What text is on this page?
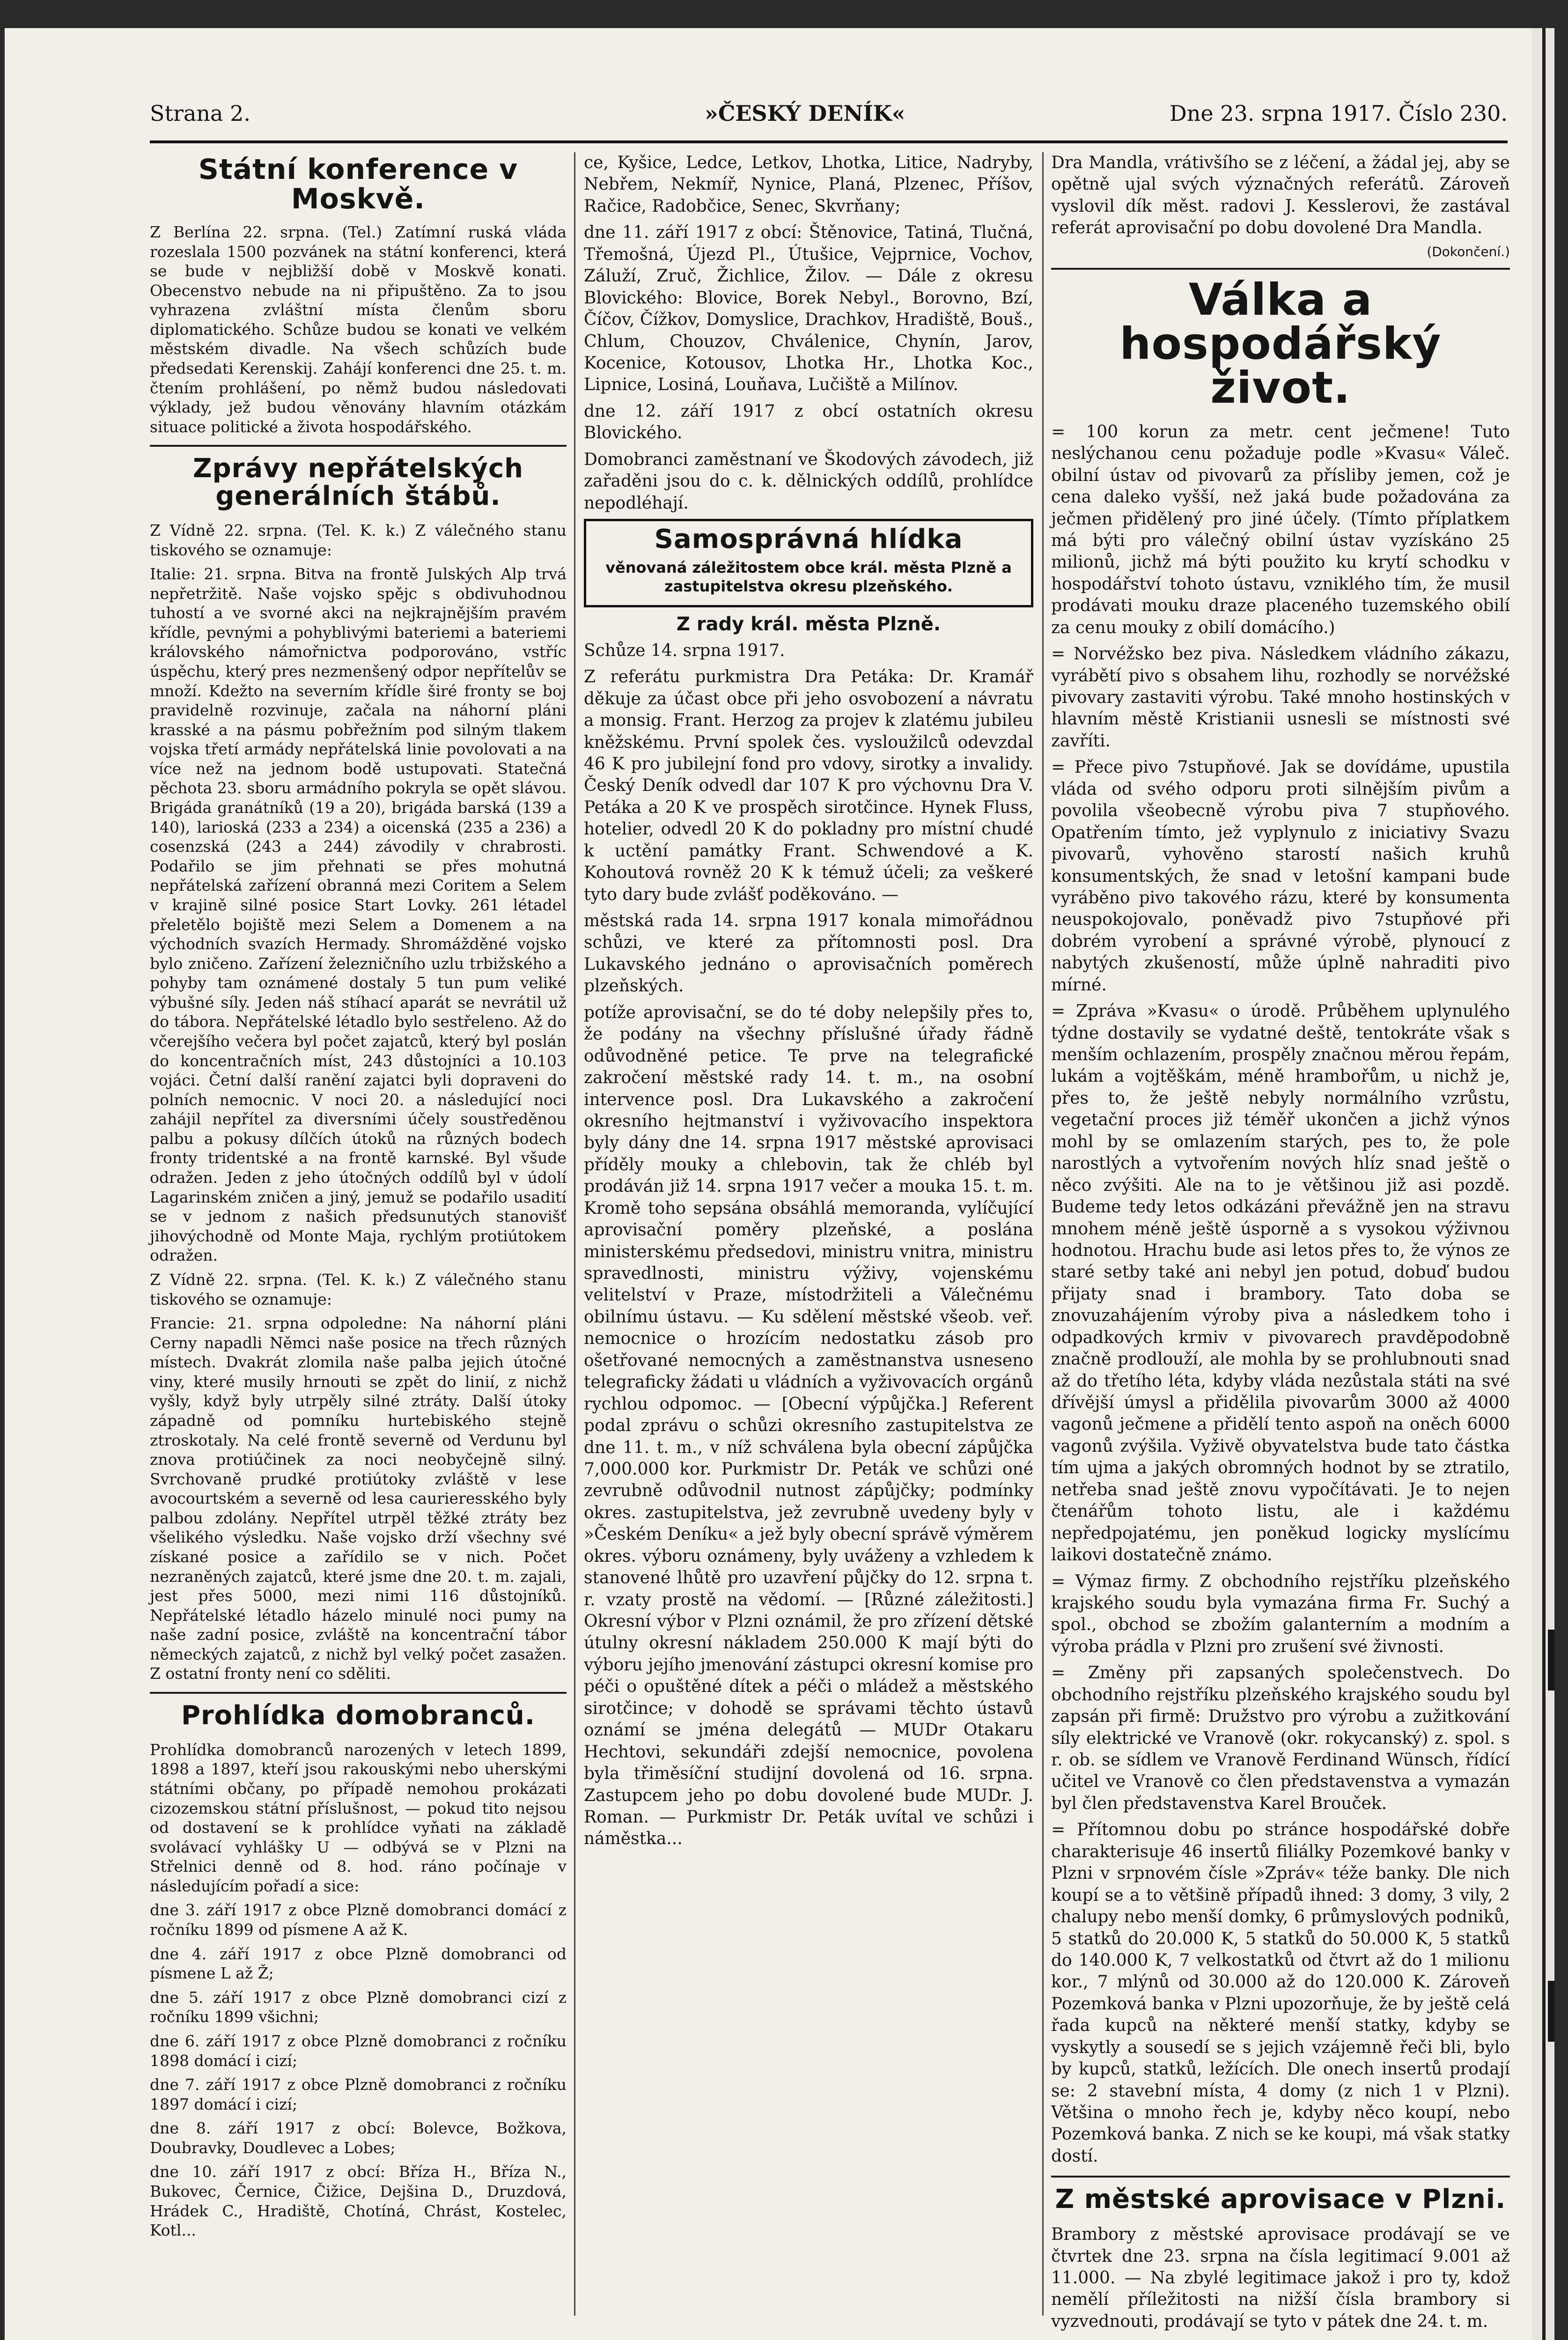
Strana 2.	»ČESKÝ DENÍK«	Dne 23. srpna 1917. Číslo 230.
Státní konference v Moskvě.

Z Berlína 22. srpna. (Tel.) Zatímní ruská vláda rozeslala 1500 pozvánek na státní konferenci, která se bude v nejbližší době v Moskvě konati. Obecenstvo nebude na ni připuštěno. Za to jsou vyhrazena zvláštní místa členům sboru diplomatického. Schůze budou se konati ve velkém městském divadle. Na všech schůzích bude předsedati Kerenskij. Zahájí konferenci dne 25. t. m. čtením prohlášení, po němž budou následovati výklady, jež budou věnovány hlavním otázkám situace politické a života hospodářského.

Zprávy nepřátelských generálních štábů.

Z Vídně 22. srpna. (Tel. K. k.) Z válečného stanu tiskového se oznamuje:

Italie: 21. srpna. Bitva na frontě Julských Alp trvá nepřetržitě. Naše vojsko spějc s obdivuhodnou tuhostí a ve svorné akci na nejkrajnějším pravém křídle, pevnými a pohyblivými bateriemi a bateriemi královského námořnictva podporováno, vstříc úspěchu, který pres nezmenšený odpor nepřítelův se množí. Kdežto na severním křídle širé fronty se boj pravidelně rozvinuje, začala na náhorní pláni krasské a na pásmu pobřežním pod silným tlakem vojska třetí armády nepřátelská linie povolovati a na více než na jednom bodě ustupovati. Statečná pěchota 23. sboru armádního pokryla se opět slávou. Brigáda granátníků (19 a 20), brigáda barská (139 a 140), larioská (233 a 234) a oicenská (235 a 236) a cosenzská (243 a 244) závodily v chrabrosti. Podařilo se jim přehnati se přes mohutná nepřátelská zařízení obranná mezi Coritem a Selem v krajině silné posice Start Lovky. 261 létadel přeletělo bojiště mezi Selem a Domenem a na východních svazích Hermady. Shromážděné vojsko bylo zničeno. Zařízení železničního uzlu trbižského a pohyby tam oznámené dostaly 5 tun pum veliké výbušné síly. Jeden náš stíhací aparát se nevrátil už do tábora. Nepřátelské létadlo bylo sestřeleno. Až do včerejšího večera byl počet zajatců, který byl poslán do koncentračních míst, 243 důstojníci a 10.103 vojáci. Četní další ranění zajatci byli dopraveni do polních nemocnic. V noci 20. a následující noci zahájil nepřítel za diversními účely soustředěnou palbu a pokusy dílčích útoků na různých bodech fronty tridentské a na frontě karnské. Byl všude odražen. Jeden z jeho útočných oddílů byl v údolí Lagarinském zničen a jiný, jemuž se podařilo usadití se v jednom z našich předsunutých stanovišť jihovýchodně od Monte Maja, rychlým protiútokem odražen.

Z Vídně 22. srpna. (Tel. K. k.) Z válečného stanu tiskového se oznamuje:

Francie: 21. srpna odpoledne: Na náhorní pláni Cerny napadli Němci naše posice na třech různých místech. Dvakrát zlomila naše palba jejich útočné viny, které musily hrnouti se zpět do linií, z nichž vyšly, když byly utrpěly silné ztráty. Další útoky západně od pomníku hurtebiského stejně ztroskotaly. Na celé frontě severně od Verdunu byl znova protiúčinek za noci neobyčejně silný. Svrchovaně prudké protiútoky zvláště v lese avocourtském a severně od lesa caurieresského byly palbou zdolány. Nepřítel utrpěl těžké ztráty bez všelikého výsledku. Naše vojsko drží všechny své získané posice a zařídilo se v nich. Počet nezraněných zajatců, které jsme dne 20. t. m. zajali, jest přes 5000, mezi nimi 116 důstojníků. Nepřátelské létadlo házelo minulé noci pumy na naše zadní posice, zvláště na koncentrační tábor německých zajatců, z nichž byl velký počet zasažen. Z ostatní fronty není co sděliti.

Prohlídka domobranců.

Prohlídka domobranců narozených v letech 1899, 1898 a 1897, kteří jsou rakouskými nebo uherskými státními občany, po případě nemohou prokázati cizozemskou státní příslušnost, — pokud tito nejsou od dostavení se k prohlídce vyňati na základě svolávací vyhlášky U — odbývá se v Plzni na Střelnici denně od 8. hod. ráno počínaje v následujícím pořadí a sice:

dne 3. září 1917 z obce Plzně domobranci domácí z ročníku 1899 od písmene A až K.

dne 4. září 1917 z obce Plzně domobranci od písmene L až Ž;

dne 5. září 1917 z obce Plzně domobranci cizí z ročníku 1899 všichni;

dne 6. září 1917 z obce Plzně domobranci z ročníku 1898 domácí i cizí;

dne 7. září 1917 z obce Plzně domobranci z ročníku 1897 domácí i cizí;

dne 8. září 1917 z obcí: Bolevce, Božkova, Doubravky, Doudlevec a Lobes;

dne 10. září 1917 z obcí: Bříza H., Bříza N., Bukovec, Černice, Čižice, Dejšina D., Druzdová, Hrádek C., Hradiště, Chotíná, Chrást, Kostelec, Kotl...

ce, Kyšice, Ledce, Letkov, Lhotka, Litice, Nadryby, Nebřem, Nekmíř, Nynice, Planá, Plzenec, Příšov, Račice, Radobčice, Senec, Skvrňany;

dne 11. září 1917 z obcí: Štěnovice, Tatiná, Tlučná, Třemošná, Újezd Pl., Útušice, Vejprnice, Vochov, Záluží, Zruč, Žichlice, Žilov. — Dále z okresu Blovického: Blovice, Borek Nebyl., Borovno, Bzí, Číčov, Čížkov, Domyslice, Drachkov, Hradiště, Bouš., Chlum, Chouzov, Chválenice, Chynín, Jarov, Kocenice, Kotousov, Lhotka Hr., Lhotka Koc., Lipnice, Losiná, Louňava, Lučiště a Milínov.

dne 12. září 1917 z obcí ostatních okresu Blovického.

Domobranci zaměstnaní ve Škodových závodech, již zařaděni jsou do c. k. dělnických oddílů, prohlídce nepodléhají.

Samosprávná hlídka
věnovaná záležitostem obce král. města Plzně a zastupitelstva okresu plzeňského.
Z rady král. města Plzně.

Schůze 14. srpna 1917.

Z referátu purkmistra Dra Petáka: Dr. Kramář děkuje za účast obce při jeho osvobození a návratu a monsig. Frant. Herzog za projev k zlatému jubileu kněžskému. První spolek čes. vysloužilců odevzdal 46 K pro jubilejní fond pro vdovy, sirotky a invalidy. Český Deník odvedl dar 107 K pro výchovnu Dra V. Petáka a 20 K ve prospěch sirotčince. Hynek Fluss, hotelier, odvedl 20 K do pokladny pro místní chudé k uctění památky Frant. Schwendové a K. Kohoutová rovněž 20 K k témuž účeli; za veškeré tyto dary bude zvlášť poděkováno. —

městská rada 14. srpna 1917 konala mimořádnou schůzi, ve které za přítomnosti posl. Dra Lukavského jednáno o aprovisačních poměrech plzeňských.

potíže aprovisační, se do té doby nelepšily přes to, že podány na všechny příslušné úřady řádně odůvodněné petice. Te prve na telegrafické zakročení městské rady 14. t. m., na osobní intervence posl. Dra Lukavského a zakročení okresního hejtmanství i vyživovacího inspektora byly dány dne 14. srpna 1917 městské aprovisaci příděly mouky a chlebovin, tak že chléb byl prodáván již 14. srpna 1917 večer a mouka 15. t. m. Kromě toho sepsána obsáhlá memoranda, vylíčující aprovisační poměry plzeňské, a poslána ministerskému předsedovi, ministru vnitra, ministru spravedlnosti, ministru výživy, vojenskému velitelství v Praze, místodržiteli a Válečnému obilnímu ústavu. — Ku sdělení městské všeob. veř. nemocnice o hrozícím nedostatku zásob pro ošetřované nemocných a zaměstnanstva usneseno telegraficky žádati u vládních a vyživovacích orgánů rychlou odpomoc. — [Obecní výpůjčka.] Referent podal zprávu o schůzi okresního zastupitelstva ze dne 11. t. m., v níž schválena byla obecní zápůjčka 7,000.000 kor. Purkmistr Dr. Peták ve schůzi oné zevrubně odůvodnil nutnost zápůjčky; podmínky okres. zastupitelstva, jež zevrubně uvedeny byly v »Českém Deníku« a jež byly obecní správě výměrem okres. výboru oznámeny, byly uváženy a vzhledem k stanovené lhůtě pro uzavření půjčky do 12. srpna t. r. vzaty prostě na vědomí. — [Různé záležitosti.] Okresní výbor v Plzni oznámil, že pro zřízení dětské útulny okresní nákladem 250.000 K mají býti do výboru jejího jmenování zástupci okresní komise pro péči o opuštěné dítek a péči o mládež a městského sirotčince; v dohodě se správami těchto ústavů oznámí se jména delegátů — MUDr Otakaru Hechtovi, sekundáři zdejší nemocnice, povolena byla třiměsíční studijní dovolená od 16. srpna. Zastupcem jeho po dobu dovolené bude MUDr. J. Roman. — Purkmistr Dr. Peták uvítal ve schůzi i náměstka...

Dra Mandla, vrátivšího se z léčení, a žádal jej, aby se opětně ujal svých význačných referátů. Zároveň vyslovil dík měst. radovi J. Kesslerovi, že zastával referát aprovisační po dobu dovolené Dra Mandla.

(Dokončení.)
Válka a hospodářský život.

= 100 korun za metr. cent ječmene! Tuto neslýchanou cenu požaduje podle »Kvasu« Váleč. obilní ústav od pivovarů za přísliby jemen, což je cena daleko vyšší, než jaká bude požadována za ječmen přidělený pro jiné účely. (Tímto příplatkem má býti pro válečný obilní ústav vyzískáno 25 milionů, jichž má býti použito ku krytí schodku v hospodářství tohoto ústavu, vzniklého tím, že musil prodávati mouku draze placeného tuzemského obilí za cenu mouky z obilí domácího.)

= Norvéžsko bez piva. Následkem vládního zákazu, vyrábětí pivo s obsahem lihu, rozhodly se norvéžské pivovary zastaviti výrobu. Také mnoho hostinských v hlavním městě Kristianii usnesli se místnosti své zavříti.

= Přece pivo 7stupňové. Jak se dovídáme, upustila vláda od svého odporu proti silnějším pivům a povolila všeobecně výrobu piva 7 stupňového. Opatřením tímto, jež vyplynulo z iniciativy Svazu pivovarů, vyhověno starostí našich kruhů konsumentských, že snad v letošní kampani bude vyráběno pivo takového rázu, které by konsumenta neuspokojovalo, poněvadž pivo 7stupňové při dobrém vyrobení a správné výrobě, plynoucí z nabytých zkušeností, může úplně nahraditi pivo mírné.

= Zpráva »Kvasu« o úrodě. Průběhem uplynulého týdne dostavily se vydatné deště, tentokráte však s menším ochlazením, prospěly značnou měrou řepám, lukám a vojtěškám, méně hrambořům, u nichž je, přes to, že ještě nebyly normálního vzrůstu, vegetační proces již téměř ukončen a jichž výnos mohl by se omlazením starých, pes to, že pole narostlých a vytvořením nových hlíz snad ještě o něco zvýšiti. Ale na to je většinou již asi pozdě. Budeme tedy letos odkázáni převážně jen na stravu mnohem méně ještě úsporně a s vysokou výživnou hodnotou. Hrachu bude asi letos přes to, že výnos ze staré setby také ani nebyl jen potud, dobuď budou přijaty snad i brambory. Tato doba se znovuzahájením výroby piva a následkem toho i odpadkových krmiv v pivovarech pravděpodobně značně prodlouží, ale mohla by se prohlubnouti snad až do třetího léta, kdyby vláda nezůstala státi na své dřívější úmysl a přidělila pivovarům 3000 až 4000 vagonů ječmene a přidělí tento aspoň na oněch 6000 vagonů zvýšila. Vyživě obyvatelstva bude tato částka tím ujma a jakých obromných hodnot by se ztratilo, netřeba snad ještě znovu vypočítávati. Je to nejen čtenářům tohoto listu, ale i každému nepředpojatému, jen poněkud logicky myslícímu laikovi dostatečně známo.

= Výmaz firmy. Z obchodního rejstříku plzeňského krajského soudu byla vymazána firma Fr. Suchý a spol., obchod se zbožím galanterním a modním a výroba prádla v Plzni pro zrušení své živnosti.

= Změny při zapsaných společenstvech. Do obchodního rejstříku plzeňského krajského soudu byl zapsán při firmě: Družstvo pro výrobu a zužitkování síly elektrické ve Vranově (okr. rokycanský) z. spol. s r. ob. se sídlem ve Vranově Ferdinand Wünsch, řídící učitel ve Vranově co člen představenstva a vymazán byl člen představenstva Karel Brouček.

= Přítomnou dobu po stránce hospodářské dobře charakterisuje 46 insertů filiálky Pozemkové banky v Plzni v srpnovém čísle »Zpráv« téže banky. Dle nich koupí se a to většině případů ihned: 3 domy, 3 vily, 2 chalupy nebo menší domky, 6 průmyslových podniků, 5 statků do 20.000 K, 5 statků do 50.000 K, 5 statků do 140.000 K, 7 velkostatků od čtvrt až do 1 milionu kor., 7 mlýnů od 30.000 až do 120.000 K. Zároveň Pozemková banka v Plzni upozorňuje, že by ještě celá řada kupců na některé menší statky, kdyby se vyskytly a sousedí se s jejich vzájemně řeči bli, bylo by kupců, statků, ležících. Dle onech insertů prodají se: 2 stavební místa, 4 domy (z nich 1 v Plzni). Většina o mnoho řech je, kdyby něco koupí, nebo Pozemková banka. Z nich se ke koupi, má však statky dostí.

Z městské aprovisace v Plzni.

Brambory z městské aprovisace prodávají se ve čtvrtek dne 23. srpna na čísla legitimací 9.001 až 11.000. — Na zbylé legitimace jakož i pro ty, kdož nemělí příležitosti na nižší čísla brambory si vyzvednouti, prodávají se tyto v pátek dne 24. t. m.
